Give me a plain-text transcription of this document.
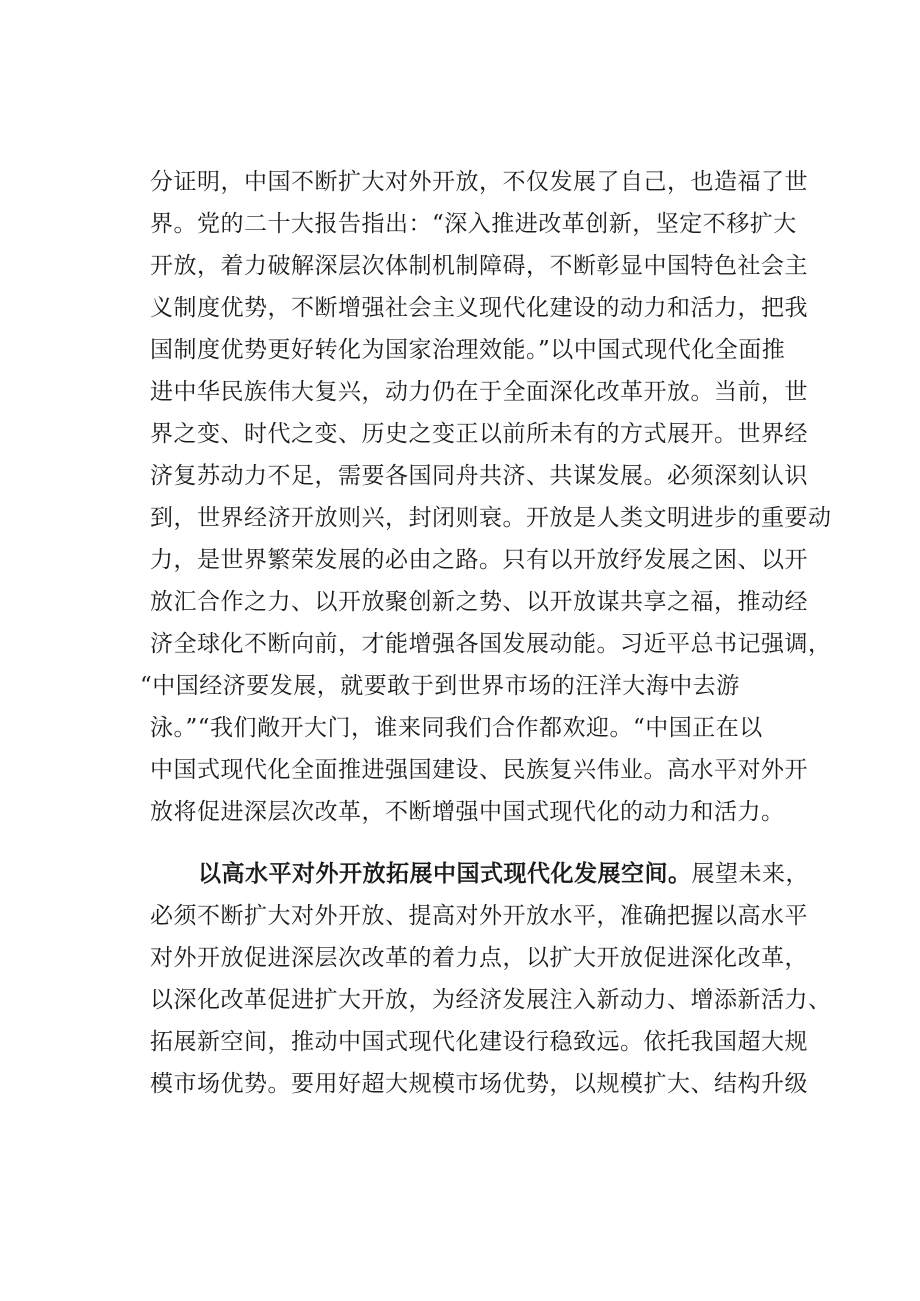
分证明，中国不断扩大对外开放，不仅发展了自己，也造福了世
界。党的二十大报告指出：“深入推进改革创新，坚定不移扩大
开放，着力破解深层次体制机制障碍，不断彰显中国特色社会主
义制度优势，不断增强社会主义现代化建设的动力和活力，把我
国制度优势更好转化为国家治理效能。”以中国式现代化全面推
进中华民族伟大复兴，动力仍在于全面深化改革开放。当前，世
界之变、时代之变、历史之变正以前所未有的方式展开。世界经
济复苏动力不足，需要各国同舟共济、共谋发展。必须深刻认识
到，世界经济开放则兴，封闭则衰。开放是人类文明进步的重要动
力，是世界繁荣发展的必由之路。只有以开放纾发展之困、以开
放汇合作之力、以开放聚创新之势、以开放谋共享之福，推动经
济全球化不断向前，才能增强各国发展动能。习近平总书记强调，
“中国经济要发展，就要敢于到世界市场的汪洋大海中去游
泳。”“我们敞开大门，谁来同我们合作都欢迎。“中国正在以
中国式现代化全面推进强国建设、民族复兴伟业。高水平对外开
放将促进深层次改革，不断增强中国式现代化的动力和活力。
以高水平对外开放拓展中国式现代化发展空间。展望未来，
必须不断扩大对外开放、提高对外开放水平，准确把握以高水平
对外开放促进深层次改革的着力点，以扩大开放促进深化改革，
以深化改革促进扩大开放，为经济发展注入新动力、增添新活力、
拓展新空间，推动中国式现代化建设行稳致远。依托我国超大规
模市场优势。要用好超大规模市场优势，以规模扩大、结构升级
